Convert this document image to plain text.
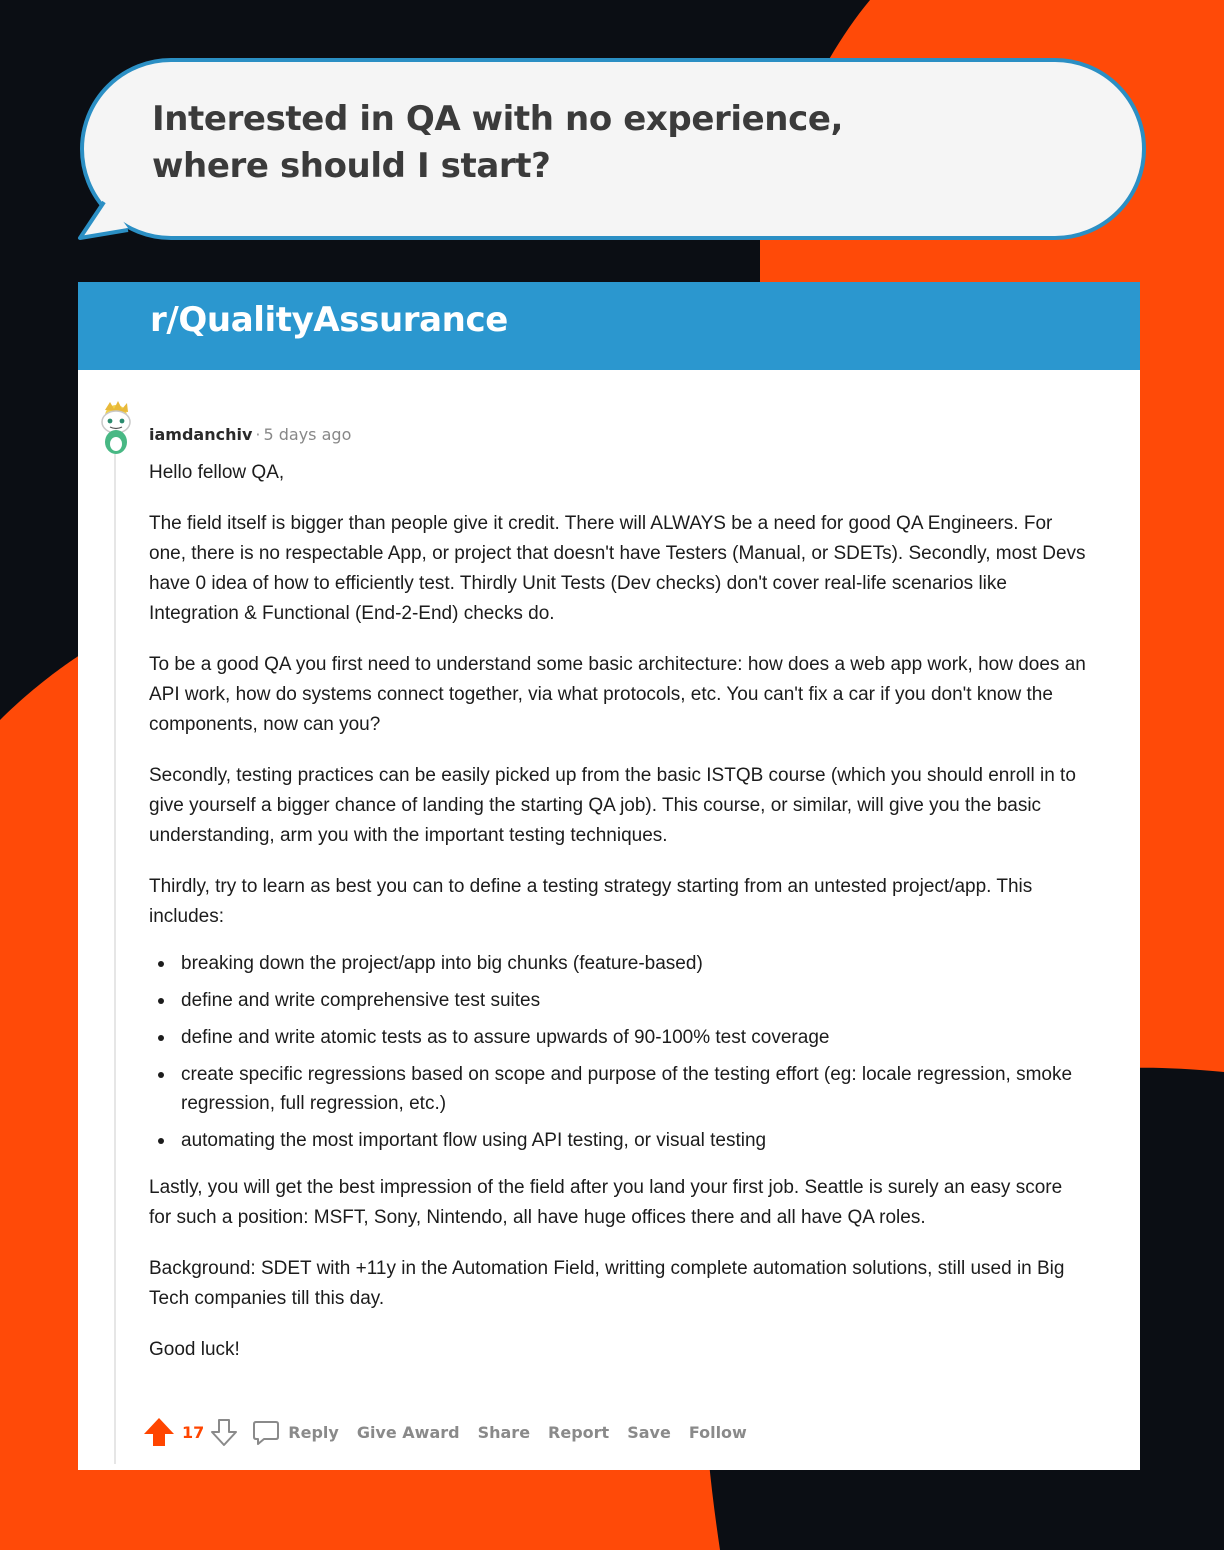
Interested in QA with no experience, where should I start?
r/QualityAssurance
iamdanchiv · 5 days ago

Hello fellow QA,

The field itself is bigger than people give it credit. There will ALWAYS be a need for good QA Engineers. For one, there is no respectable App, or project that doesn't have Testers (Manual, or SDETs). Secondly, most Devs have 0 idea of how to efficiently test. Thirdly Unit Tests (Dev checks) don't cover real-life scenarios like Integration & Functional (End-2-End) checks do.

To be a good QA you first need to understand some basic architecture: how does a web app work, how does an API work, how do systems connect together, via what protocols, etc. You can't fix a car if you don't know the components, now can you?

Secondly, testing practices can be easily picked up from the basic ISTQB course (which you should enroll in to give yourself a bigger chance of landing the starting QA job). This course, or similar, will give you the basic understanding, arm you with the important testing techniques.

Thirdly, try to learn as best you can to define a testing strategy starting from an untested project/app. This includes:

breaking down the project/app into big chunks (feature-based)
define and write comprehensive test suites
define and write atomic tests as to assure upwards of 90-100% test coverage
create specific regressions based on scope and purpose of the testing effort (eg: locale regression, smoke regression, full regression, etc.)
automating the most important flow using API testing, or visual testing

Lastly, you will get the best impression of the field after you land your first job. Seattle is surely an easy score for such a position: MSFT, Sony, Nintendo, all have huge offices there and all have QA roles.

Background: SDET with +11y in the Automation Field, writting complete automation solutions, still used in Big Tech companies till this day.

Good luck!

17	Reply Give Award Share Report Save Follow
